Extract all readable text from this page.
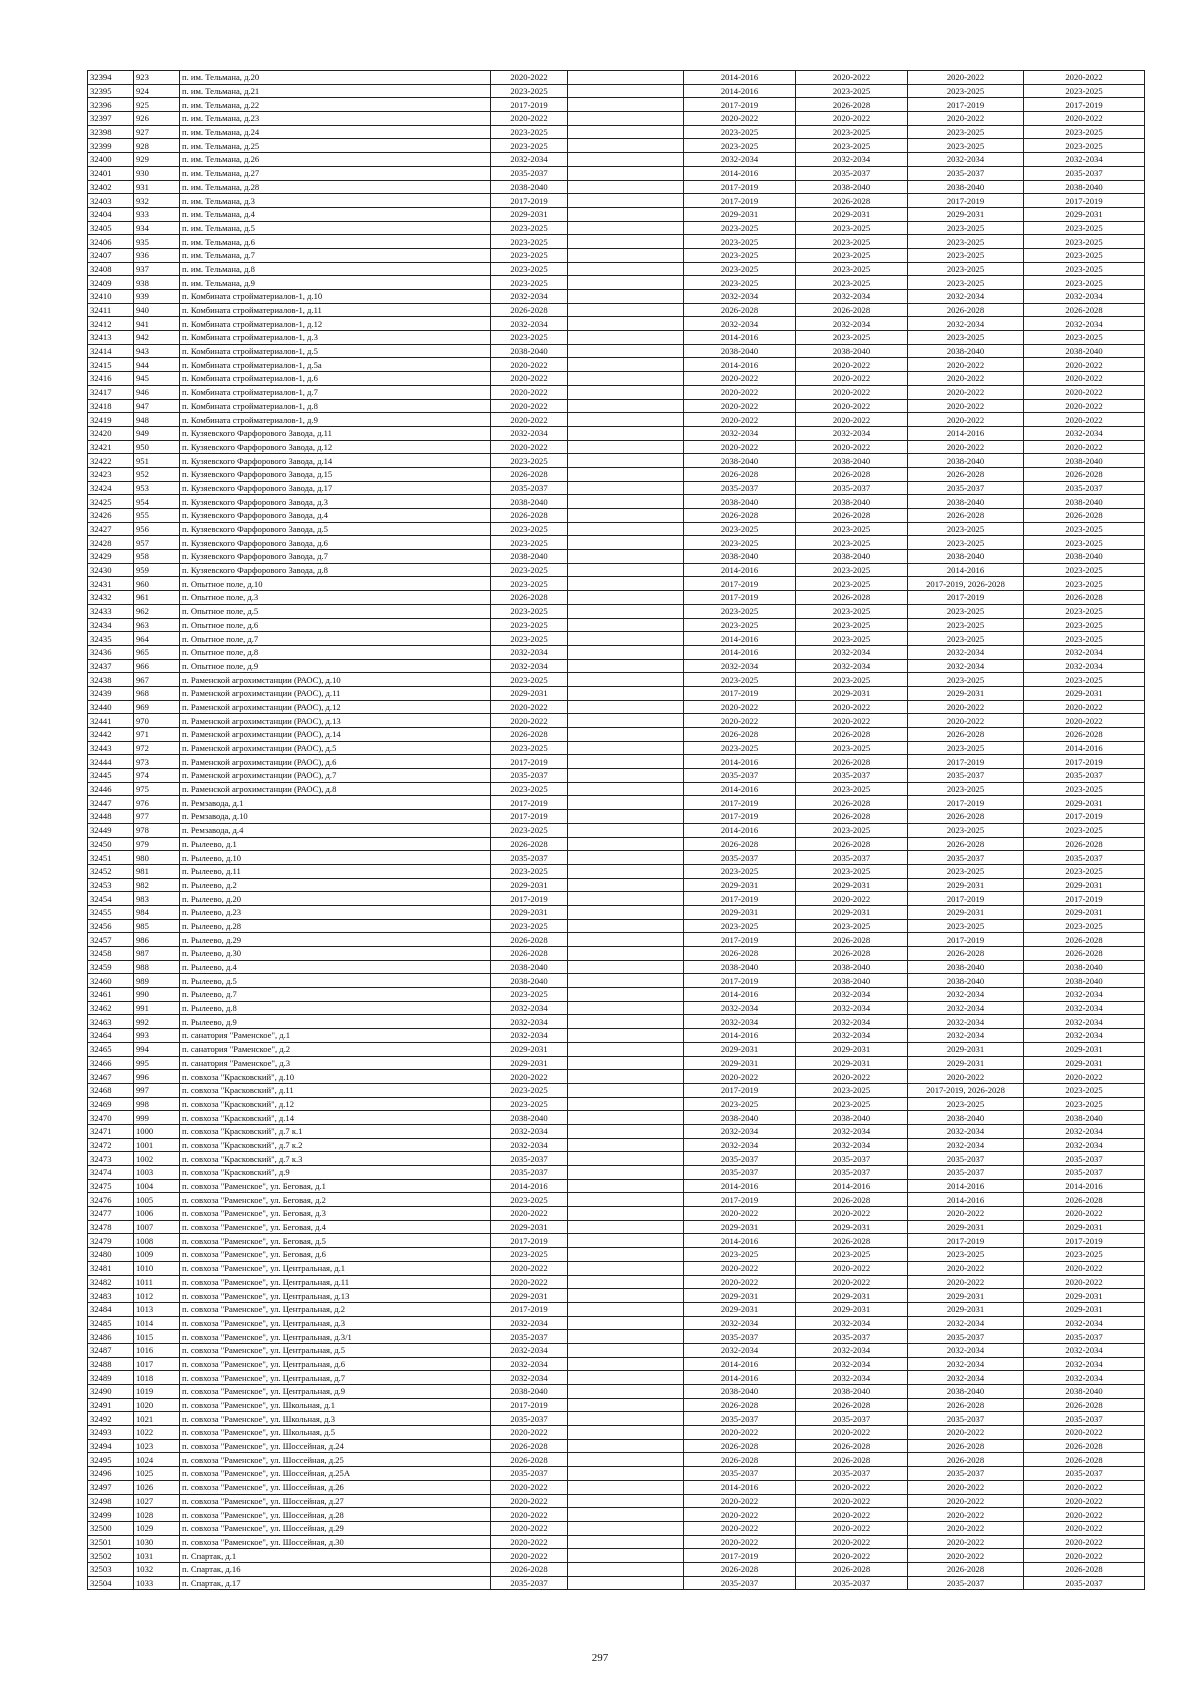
32394	923	п. им. Тельмана, д.20	2020-2022		2014-2016	2020-2022	2020-2022	2020-2022
32395	924	п. им. Тельмана, д.21	2023-2025		2014-2016	2023-2025	2023-2025	2023-2025
32396	925	п. им. Тельмана, д.22	2017-2019		2017-2019	2026-2028	2017-2019	2017-2019
32397	926	п. им. Тельмана, д.23	2020-2022		2020-2022	2020-2022	2020-2022	2020-2022
32398	927	п. им. Тельмана, д.24	2023-2025		2023-2025	2023-2025	2023-2025	2023-2025
32399	928	п. им. Тельмана, д.25	2023-2025		2023-2025	2023-2025	2023-2025	2023-2025
32400	929	п. им. Тельмана, д.26	2032-2034		2032-2034	2032-2034	2032-2034	2032-2034
32401	930	п. им. Тельмана, д.27	2035-2037		2014-2016	2035-2037	2035-2037	2035-2037
32402	931	п. им. Тельмана, д.28	2038-2040		2017-2019	2038-2040	2038-2040	2038-2040
32403	932	п. им. Тельмана, д.3	2017-2019		2017-2019	2026-2028	2017-2019	2017-2019
32404	933	п. им. Тельмана, д.4	2029-2031		2029-2031	2029-2031	2029-2031	2029-2031
32405	934	п. им. Тельмана, д.5	2023-2025		2023-2025	2023-2025	2023-2025	2023-2025
32406	935	п. им. Тельмана, д.6	2023-2025		2023-2025	2023-2025	2023-2025	2023-2025
32407	936	п. им. Тельмана, д.7	2023-2025		2023-2025	2023-2025	2023-2025	2023-2025
32408	937	п. им. Тельмана, д.8	2023-2025		2023-2025	2023-2025	2023-2025	2023-2025
32409	938	п. им. Тельмана, д.9	2023-2025		2023-2025	2023-2025	2023-2025	2023-2025
32410	939	п. Комбината стройматериалов-1, д.10	2032-2034		2032-2034	2032-2034	2032-2034	2032-2034
32411	940	п. Комбината стройматериалов-1, д.11	2026-2028		2026-2028	2026-2028	2026-2028	2026-2028
32412	941	п. Комбината стройматериалов-1, д.12	2032-2034		2032-2034	2032-2034	2032-2034	2032-2034
32413	942	п. Комбината стройматериалов-1, д.3	2023-2025		2014-2016	2023-2025	2023-2025	2023-2025
32414	943	п. Комбината стройматериалов-1, д.5	2038-2040		2038-2040	2038-2040	2038-2040	2038-2040
32415	944	п. Комбината стройматериалов-1, д.5а	2020-2022		2014-2016	2020-2022	2020-2022	2020-2022
32416	945	п. Комбината стройматериалов-1, д.6	2020-2022		2020-2022	2020-2022	2020-2022	2020-2022
32417	946	п. Комбината стройматериалов-1, д.7	2020-2022		2020-2022	2020-2022	2020-2022	2020-2022
32418	947	п. Комбината стройматериалов-1, д.8	2020-2022		2020-2022	2020-2022	2020-2022	2020-2022
32419	948	п. Комбината стройматериалов-1, д.9	2020-2022		2020-2022	2020-2022	2020-2022	2020-2022
32420	949	п. Кузяевского Фарфорового Завода, д.11	2032-2034		2032-2034	2032-2034	2014-2016	2032-2034
32421	950	п. Кузяевского Фарфорового Завода, д.12	2020-2022		2020-2022	2020-2022	2020-2022	2020-2022
32422	951	п. Кузяевского Фарфорового Завода, д.14	2023-2025		2038-2040	2038-2040	2038-2040	2038-2040
32423	952	п. Кузяевского Фарфорового Завода, д.15	2026-2028		2026-2028	2026-2028	2026-2028	2026-2028
32424	953	п. Кузяевского Фарфорового Завода, д.17	2035-2037		2035-2037	2035-2037	2035-2037	2035-2037
32425	954	п. Кузяевского Фарфорового Завода, д.3	2038-2040		2038-2040	2038-2040	2038-2040	2038-2040
32426	955	п. Кузяевского Фарфорового Завода, д.4	2026-2028		2026-2028	2026-2028	2026-2028	2026-2028
32427	956	п. Кузяевского Фарфорового Завода, д.5	2023-2025		2023-2025	2023-2025	2023-2025	2023-2025
32428	957	п. Кузяевского Фарфорового Завода, д.6	2023-2025		2023-2025	2023-2025	2023-2025	2023-2025
32429	958	п. Кузяевского Фарфорового Завода, д.7	2038-2040		2038-2040	2038-2040	2038-2040	2038-2040
32430	959	п. Кузяевского Фарфорового Завода, д.8	2023-2025		2014-2016	2023-2025	2014-2016	2023-2025
32431	960	п. Опытное поле, д.10	2023-2025		2017-2019	2023-2025	2017-2019, 2026-2028	2023-2025
32432	961	п. Опытное поле, д.3	2026-2028		2017-2019	2026-2028	2017-2019	2026-2028
32433	962	п. Опытное поле, д.5	2023-2025		2023-2025	2023-2025	2023-2025	2023-2025
32434	963	п. Опытное поле, д.6	2023-2025		2023-2025	2023-2025	2023-2025	2023-2025
32435	964	п. Опытное поле, д.7	2023-2025		2014-2016	2023-2025	2023-2025	2023-2025
32436	965	п. Опытное поле, д.8	2032-2034		2014-2016	2032-2034	2032-2034	2032-2034
32437	966	п. Опытное поле, д.9	2032-2034		2032-2034	2032-2034	2032-2034	2032-2034
32438	967	п. Раменской агрохимстанции (РАОС), д.10	2023-2025		2023-2025	2023-2025	2023-2025	2023-2025
32439	968	п. Раменской агрохимстанции (РАОС), д.11	2029-2031		2017-2019	2029-2031	2029-2031	2029-2031
32440	969	п. Раменской агрохимстанции (РАОС), д.12	2020-2022		2020-2022	2020-2022	2020-2022	2020-2022
32441	970	п. Раменской агрохимстанции (РАОС), д.13	2020-2022		2020-2022	2020-2022	2020-2022	2020-2022
32442	971	п. Раменской агрохимстанции (РАОС), д.14	2026-2028		2026-2028	2026-2028	2026-2028	2026-2028
32443	972	п. Раменской агрохимстанции (РАОС), д.5	2023-2025		2023-2025	2023-2025	2023-2025	2014-2016
32444	973	п. Раменской агрохимстанции (РАОС), д.6	2017-2019		2014-2016	2026-2028	2017-2019	2017-2019
32445	974	п. Раменской агрохимстанции (РАОС), д.7	2035-2037		2035-2037	2035-2037	2035-2037	2035-2037
32446	975	п. Раменской агрохимстанции (РАОС), д.8	2023-2025		2014-2016	2023-2025	2023-2025	2023-2025
32447	976	п. Ремзавода, д.1	2017-2019		2017-2019	2026-2028	2017-2019	2029-2031
32448	977	п. Ремзавода, д.10	2017-2019		2017-2019	2026-2028	2026-2028	2017-2019
32449	978	п. Ремзавода, д.4	2023-2025		2014-2016	2023-2025	2023-2025	2023-2025
32450	979	п. Рылеево, д.1	2026-2028		2026-2028	2026-2028	2026-2028	2026-2028
32451	980	п. Рылеево, д.10	2035-2037		2035-2037	2035-2037	2035-2037	2035-2037
32452	981	п. Рылеево, д.11	2023-2025		2023-2025	2023-2025	2023-2025	2023-2025
32453	982	п. Рылеево, д.2	2029-2031		2029-2031	2029-2031	2029-2031	2029-2031
32454	983	п. Рылеево, д.20	2017-2019		2017-2019	2020-2022	2017-2019	2017-2019
32455	984	п. Рылеево, д.23	2029-2031		2029-2031	2029-2031	2029-2031	2029-2031
32456	985	п. Рылеево, д.28	2023-2025		2023-2025	2023-2025	2023-2025	2023-2025
32457	986	п. Рылеево, д.29	2026-2028		2017-2019	2026-2028	2017-2019	2026-2028
32458	987	п. Рылеево, д.30	2026-2028		2026-2028	2026-2028	2026-2028	2026-2028
32459	988	п. Рылеево, д.4	2038-2040		2038-2040	2038-2040	2038-2040	2038-2040
32460	989	п. Рылеево, д.5	2038-2040		2017-2019	2038-2040	2038-2040	2038-2040
32461	990	п. Рылеево, д.7	2023-2025		2014-2016	2032-2034	2032-2034	2032-2034
32462	991	п. Рылеево, д.8	2032-2034		2032-2034	2032-2034	2032-2034	2032-2034
32463	992	п. Рылеево, д.9	2032-2034		2032-2034	2032-2034	2032-2034	2032-2034
32464	993	п. санатория "Раменское", д.1	2032-2034		2014-2016	2032-2034	2032-2034	2032-2034
32465	994	п. санатория "Раменское", д.2	2029-2031		2029-2031	2029-2031	2029-2031	2029-2031
32466	995	п. санатория "Раменское", д.3	2029-2031		2029-2031	2029-2031	2029-2031	2029-2031
32467	996	п. совхоза "Красковский", д.10	2020-2022		2020-2022	2020-2022	2020-2022	2020-2022
32468	997	п. совхоза "Красковский", д.11	2023-2025		2017-2019	2023-2025	2017-2019, 2026-2028	2023-2025
32469	998	п. совхоза "Красковский", д.12	2023-2025		2023-2025	2023-2025	2023-2025	2023-2025
32470	999	п. совхоза "Красковский", д.14	2038-2040		2038-2040	2038-2040	2038-2040	2038-2040
32471	1000	п. совхоза "Красковский", д.7 к.1	2032-2034		2032-2034	2032-2034	2032-2034	2032-2034
32472	1001	п. совхоза "Красковский", д.7 к.2	2032-2034		2032-2034	2032-2034	2032-2034	2032-2034
32473	1002	п. совхоза "Красковский", д.7 к.3	2035-2037		2035-2037	2035-2037	2035-2037	2035-2037
32474	1003	п. совхоза "Красковский", д.9	2035-2037		2035-2037	2035-2037	2035-2037	2035-2037
32475	1004	п. совхоза "Раменское", ул. Беговая, д.1	2014-2016		2014-2016	2014-2016	2014-2016	2014-2016
32476	1005	п. совхоза "Раменское", ул. Беговая, д.2	2023-2025		2017-2019	2026-2028	2014-2016	2026-2028
32477	1006	п. совхоза "Раменское", ул. Беговая, д.3	2020-2022		2020-2022	2020-2022	2020-2022	2020-2022
32478	1007	п. совхоза "Раменское", ул. Беговая, д.4	2029-2031		2029-2031	2029-2031	2029-2031	2029-2031
32479	1008	п. совхоза "Раменское", ул. Беговая, д.5	2017-2019		2014-2016	2026-2028	2017-2019	2017-2019
32480	1009	п. совхоза "Раменское", ул. Беговая, д.6	2023-2025		2023-2025	2023-2025	2023-2025	2023-2025
32481	1010	п. совхоза "Раменское", ул. Центральная, д.1	2020-2022		2020-2022	2020-2022	2020-2022	2020-2022
32482	1011	п. совхоза "Раменское", ул. Центральная, д.11	2020-2022		2020-2022	2020-2022	2020-2022	2020-2022
32483	1012	п. совхоза "Раменское", ул. Центральная, д.13	2029-2031		2029-2031	2029-2031	2029-2031	2029-2031
32484	1013	п. совхоза "Раменское", ул. Центральная, д.2	2017-2019		2029-2031	2029-2031	2029-2031	2029-2031
32485	1014	п. совхоза "Раменское", ул. Центральная, д.3	2032-2034		2032-2034	2032-2034	2032-2034	2032-2034
32486	1015	п. совхоза "Раменское", ул. Центральная, д.3/1	2035-2037		2035-2037	2035-2037	2035-2037	2035-2037
32487	1016	п. совхоза "Раменское", ул. Центральная, д.5	2032-2034		2032-2034	2032-2034	2032-2034	2032-2034
32488	1017	п. совхоза "Раменское", ул. Центральная, д.6	2032-2034		2014-2016	2032-2034	2032-2034	2032-2034
32489	1018	п. совхоза "Раменское", ул. Центральная, д.7	2032-2034		2014-2016	2032-2034	2032-2034	2032-2034
32490	1019	п. совхоза "Раменское", ул. Центральная, д.9	2038-2040		2038-2040	2038-2040	2038-2040	2038-2040
32491	1020	п. совхоза "Раменское", ул. Школьная, д.1	2017-2019		2026-2028	2026-2028	2026-2028	2026-2028
32492	1021	п. совхоза "Раменское", ул. Школьная, д.3	2035-2037		2035-2037	2035-2037	2035-2037	2035-2037
32493	1022	п. совхоза "Раменское", ул. Школьная, д.5	2020-2022		2020-2022	2020-2022	2020-2022	2020-2022
32494	1023	п. совхоза "Раменское", ул. Шоссейная, д.24	2026-2028		2026-2028	2026-2028	2026-2028	2026-2028
32495	1024	п. совхоза "Раменское", ул. Шоссейная, д.25	2026-2028		2026-2028	2026-2028	2026-2028	2026-2028
32496	1025	п. совхоза "Раменское", ул. Шоссейная, д.25А	2035-2037		2035-2037	2035-2037	2035-2037	2035-2037
32497	1026	п. совхоза "Раменское", ул. Шоссейная, д.26	2020-2022		2014-2016	2020-2022	2020-2022	2020-2022
32498	1027	п. совхоза "Раменское", ул. Шоссейная, д.27	2020-2022		2020-2022	2020-2022	2020-2022	2020-2022
32499	1028	п. совхоза "Раменское", ул. Шоссейная, д.28	2020-2022		2020-2022	2020-2022	2020-2022	2020-2022
32500	1029	п. совхоза "Раменское", ул. Шоссейная, д.29	2020-2022		2020-2022	2020-2022	2020-2022	2020-2022
32501	1030	п. совхоза "Раменское", ул. Шоссейная, д.30	2020-2022		2020-2022	2020-2022	2020-2022	2020-2022
32502	1031	п. Спартак, д.1	2020-2022		2017-2019	2020-2022	2020-2022	2020-2022
32503	1032	п. Спартак, д.16	2026-2028		2026-2028	2026-2028	2026-2028	2026-2028
32504	1033	п. Спартак, д.17	2035-2037		2035-2037	2035-2037	2035-2037	2035-2037
297
